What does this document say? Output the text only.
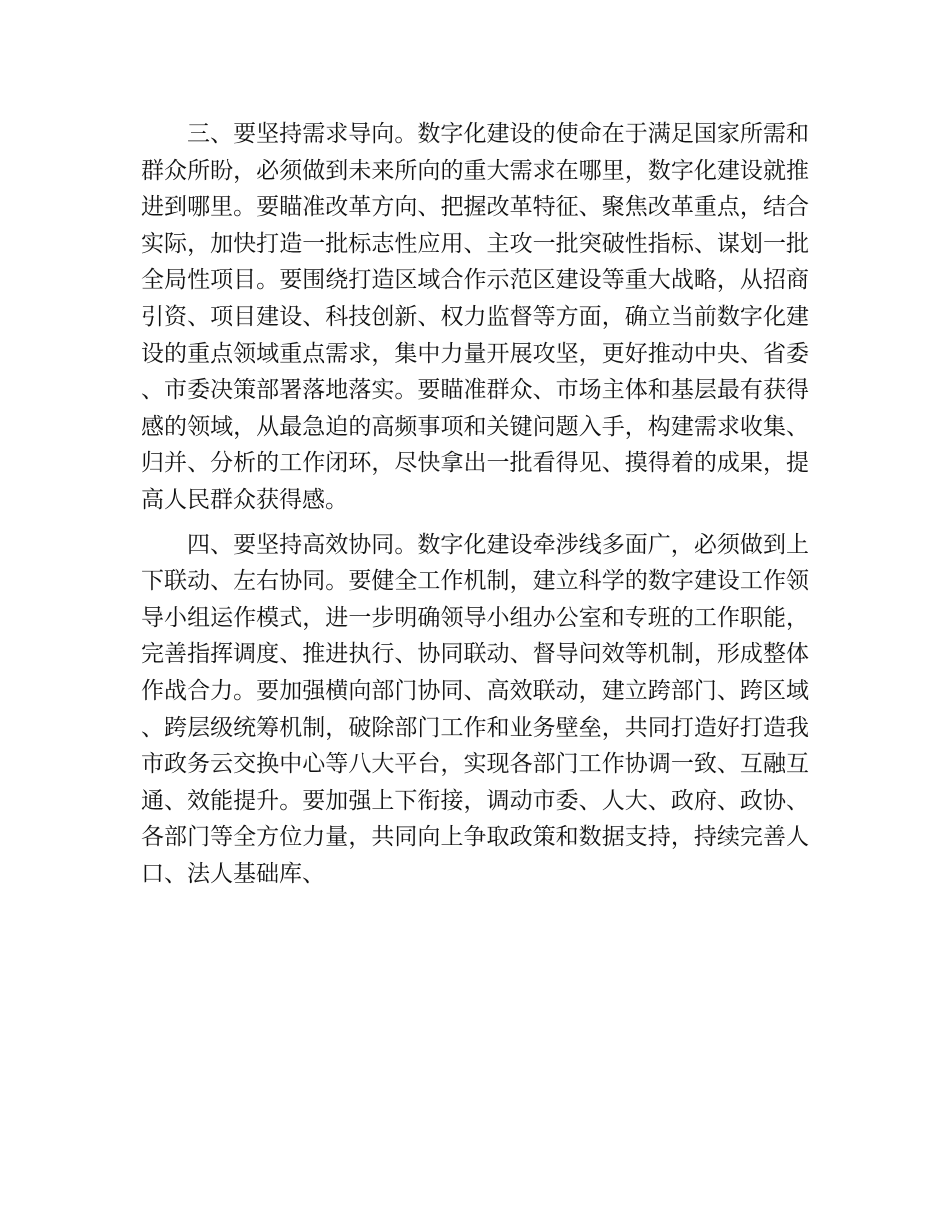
三、要坚持需求导向。数字化建设的使命在于满足国家所需和群众所盼，必须做到未来所向的重大需求在哪里，数字化建设就推进到哪里。要瞄准改革方向、把握改革特征、聚焦改革重点，结合实际，加快打造一批标志性应用、主攻一批突破性指标、谋划一批全局性项目。要围绕打造区域合作示范区建设等重大战略，从招商引资、项目建设、科技创新、权力监督等方面，确立当前数字化建设的重点领域重点需求，集中力量开展攻坚，更好推动中央、省委、市委决策部署落地落实。要瞄准群众、市场主体和基层最有获得感的领域，从最急迫的高频事项和关键问题入手，构建需求收集、归并、分析的工作闭环，尽快拿出一批看得见、摸得着的成果，提高人民群众获得感。

四、要坚持高效协同。数字化建设牵涉线多面广，必须做到上下联动、左右协同。要健全工作机制，建立科学的数字建设工作领导小组运作模式，进一步明确领导小组办公室和专班的工作职能，完善指挥调度、推进执行、协同联动、督导问效等机制，形成整体作战合力。要加强横向部门协同、高效联动，建立跨部门、跨区域、跨层级统筹机制，破除部门工作和业务壁垒，共同打造好打造我市政务云交换中心等八大平台，实现各部门工作协调一致、互融互通、效能提升。要加强上下衔接，调动市委、人大、政府、政协、各部门等全方位力量，共同向上争取政策和数据支持，持续完善人口、法人基础库、
